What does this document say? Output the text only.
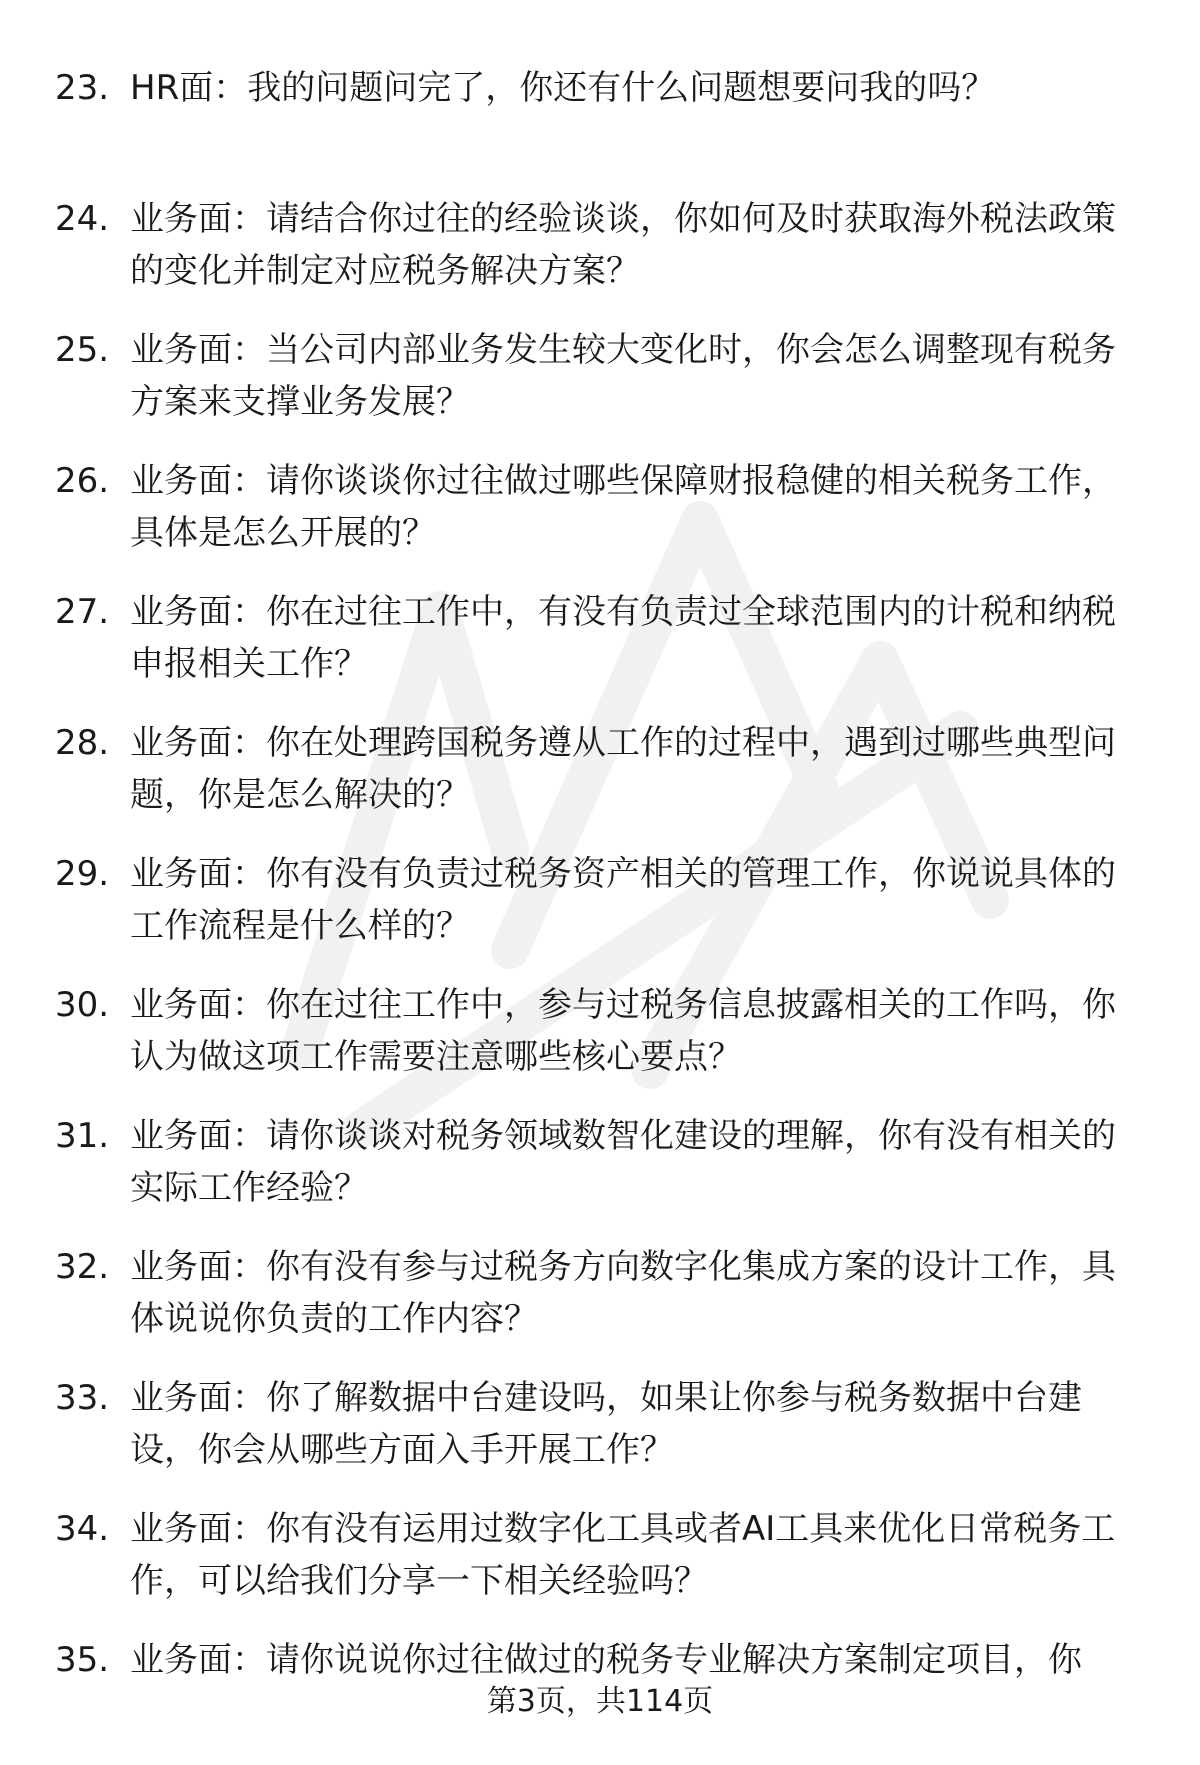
23. HR面：我的问题问完了，你还有什么问题想要问我的吗？
24. 业务面：请结合你过往的经验谈谈，你如何及时获取海外税法政策的变化并制定对应税务解决方案？
25. 业务面：当公司内部业务发生较大变化时，你会怎么调整现有税务方案来支撑业务发展？
26. 业务面：请你谈谈你过往做过哪些保障财报稳健的相关税务工作，具体是怎么开展的？
27. 业务面：你在过往工作中，有没有负责过全球范围内的计税和纳税申报相关工作？
28. 业务面：你在处理跨国税务遵从工作的过程中，遇到过哪些典型问题，你是怎么解决的？
29. 业务面：你有没有负责过税务资产相关的管理工作，你说说具体的工作流程是什么样的？
30. 业务面：你在过往工作中，参与过税务信息披露相关的工作吗，你认为做这项工作需要注意哪些核心要点？
31. 业务面：请你谈谈对税务领域数智化建设的理解，你有没有相关的实际工作经验？
32. 业务面：你有没有参与过税务方向数字化集成方案的设计工作，具体说说你负责的工作内容？
33. 业务面：你了解数据中台建设吗，如果让你参与税务数据中台建设，你会从哪些方面入手开展工作？
34. 业务面：你有没有运用过数字化工具或者AI工具来优化日常税务工作，可以给我们分享一下相关经验吗？
35. 业务面：请你说说你过往做过的税务专业解决方案制定项目，你
第3页，共114页
